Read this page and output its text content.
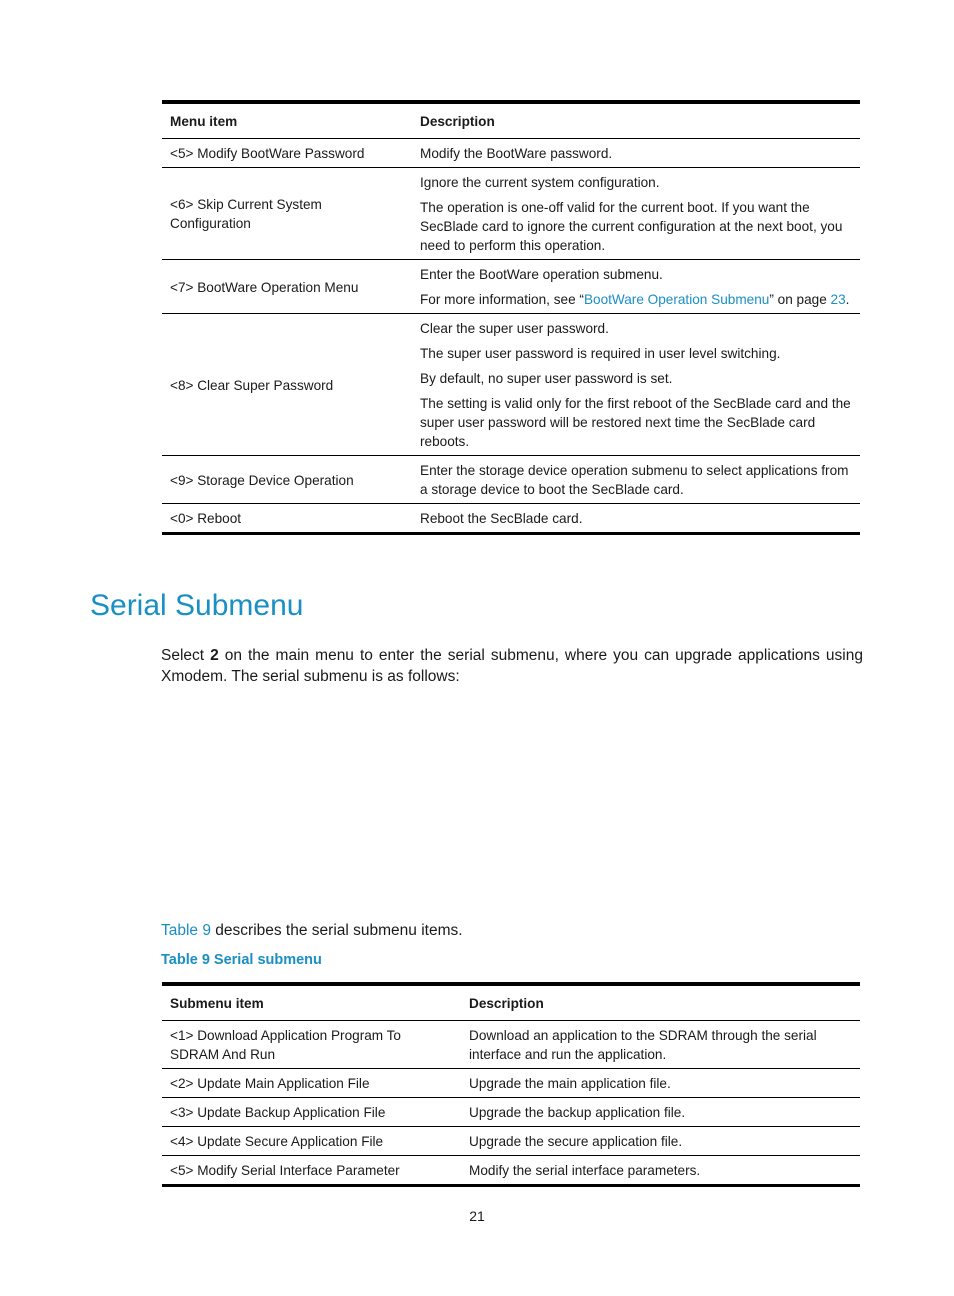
Menu item	Description
<5> Modify BootWare Password	Modify the BootWare password.

<6> Skip Current System Configuration	Ignore the current system configuration.

The operation is one-off valid for the current boot. If you want the SecBlade card to ignore the current configuration at the next boot, you need to perform this operation.

<7> BootWare Operation Menu	Enter the BootWare operation submenu.

For more information, see “BootWare Operation Submenu” on page 23.

<8> Clear Super Password	Clear the super user password.

The super user password is required in user level switching.

By default, no super user password is set.

The setting is valid only for the first reboot of the SecBlade card and the super user password will be restored next time the SecBlade card reboots.

<9> Storage Device Operation	Enter the storage device operation submenu to select applications from a storage device to boot the SecBlade card.

<0> Reboot	Reboot the SecBlade card.

Serial Submenu

Select 2 on the main menu to enter the serial submenu, where you can upgrade applications using Xmodem. The serial submenu is as follows:

Table 9 describes the serial submenu items.

Table 9 Serial submenu

Submenu item	Description
<1> Download Application Program To SDRAM And Run	Download an application to the SDRAM through the serial interface and run the application.
<2> Update Main Application File	Upgrade the main application file.
<3> Update Backup Application File	Upgrade the backup application file.
<4> Update Secure Application File	Upgrade the secure application file.
<5> Modify Serial Interface Parameter	Modify the serial interface parameters.
21
